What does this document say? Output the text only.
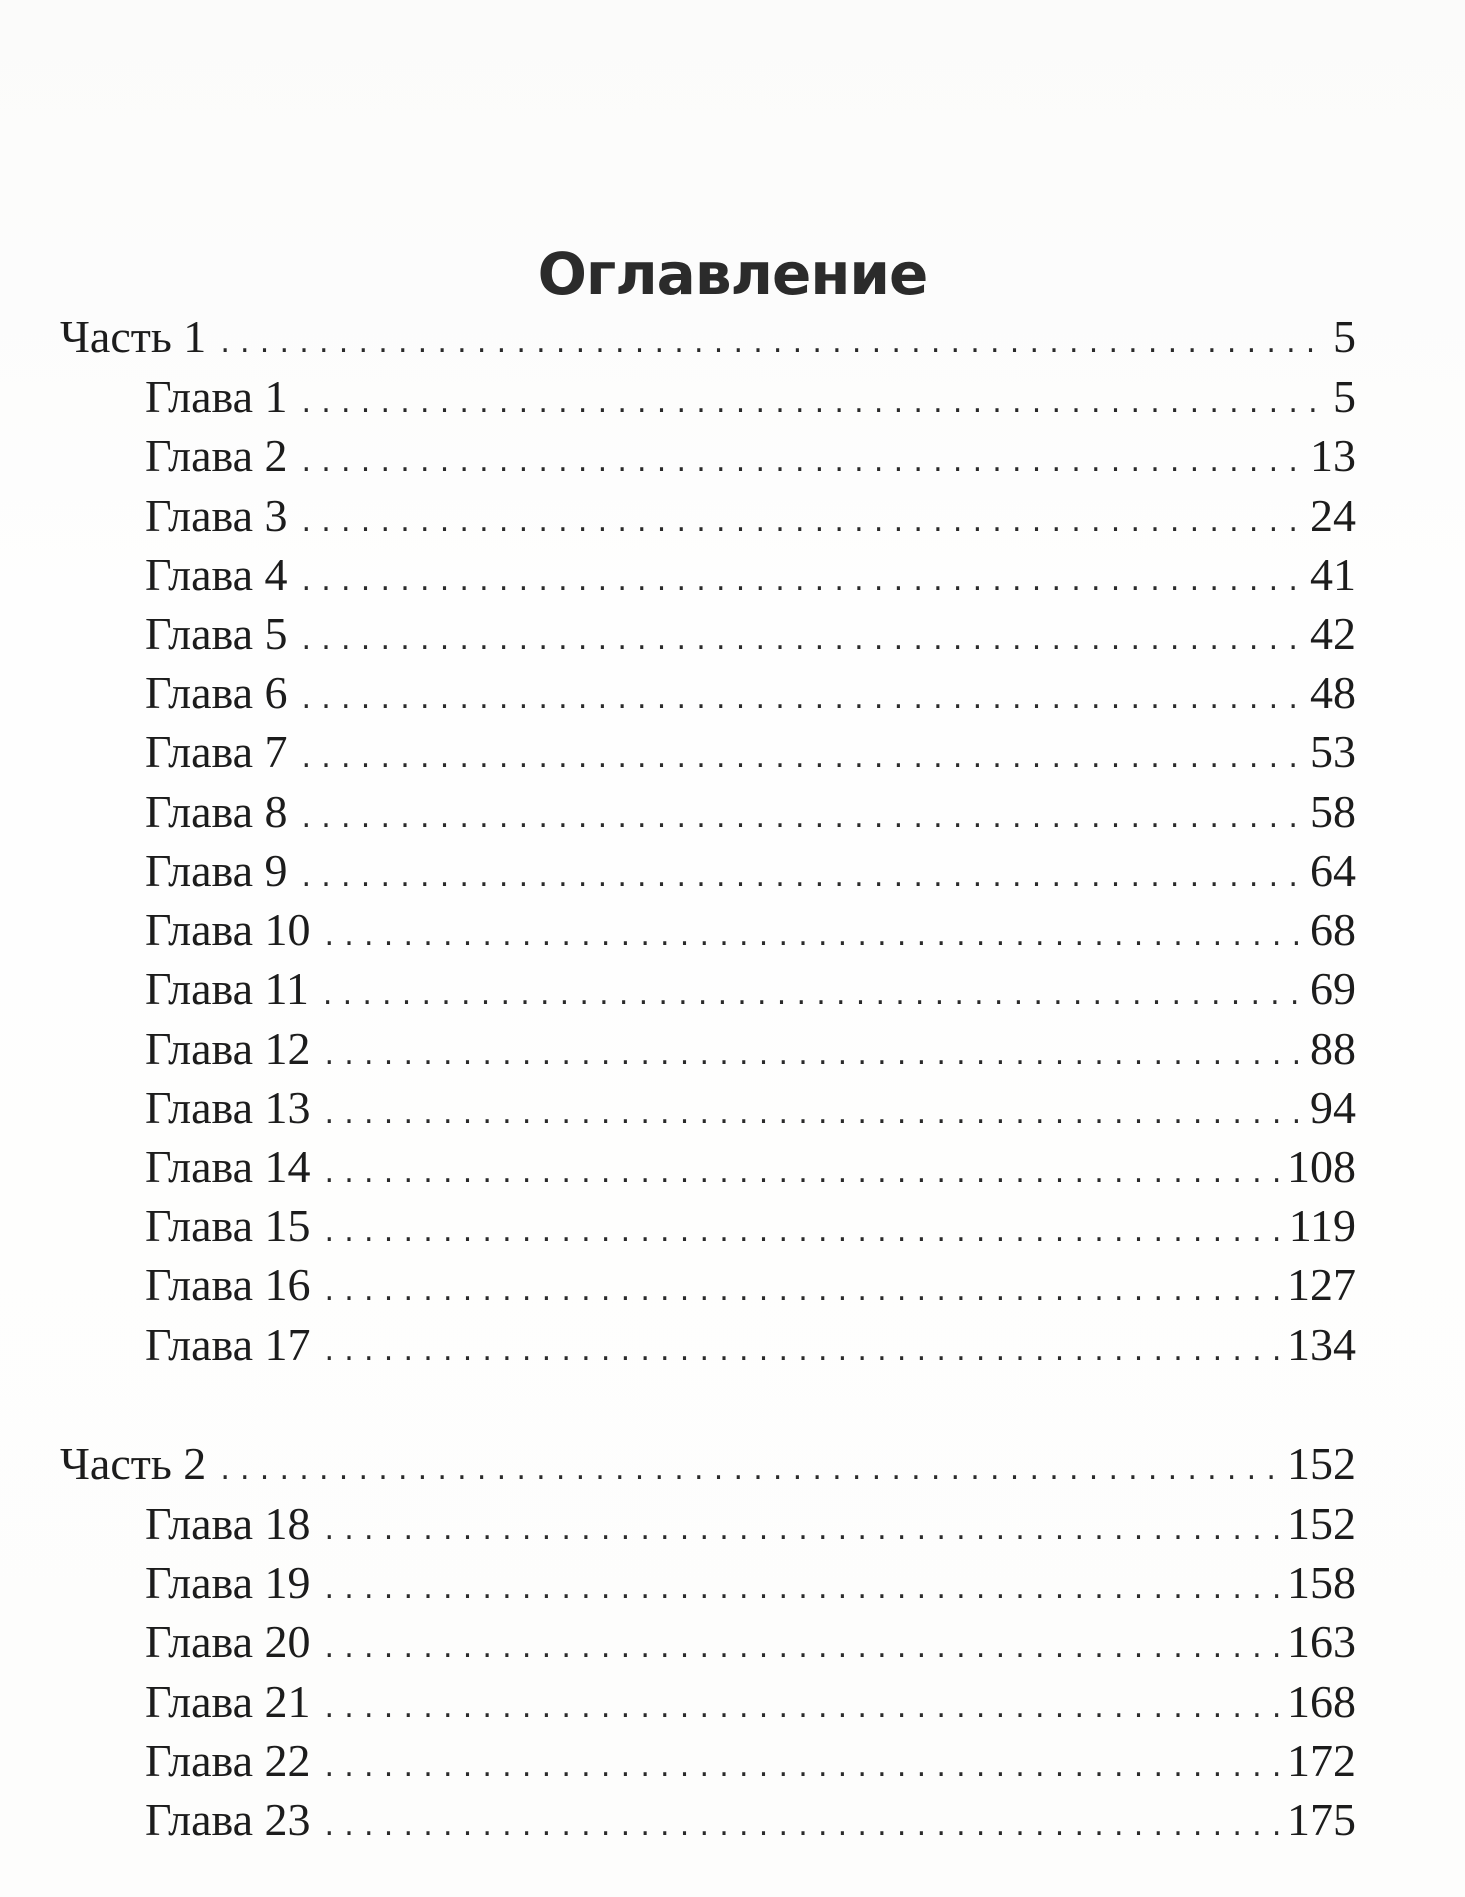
Оглавление
Часть 1 .....	5
Глава 1 .....	5
Глава 2 .....	13
Глава 3 .....	24
Глава 4 .....	41
Глава 5 .....	42
Глава 6 .....	48
Глава 7 .....	53
Глава 8 .....	58
Глава 9 .....	64
Глава 10 .....	68
Глава 11 .....	69
Глава 12 .....	88
Глава 13 .....	94
Глава 14 .....	108
Глава 15 .....	119
Глава 16 .....	127
Глава 17 .....	134
Часть 2 .....	152
Глава 18 .....	152
Глава 19 .....	158
Глава 20 .....	163
Глава 21 .....	168
Глава 22 .....	172
Глава 23 .....	175
